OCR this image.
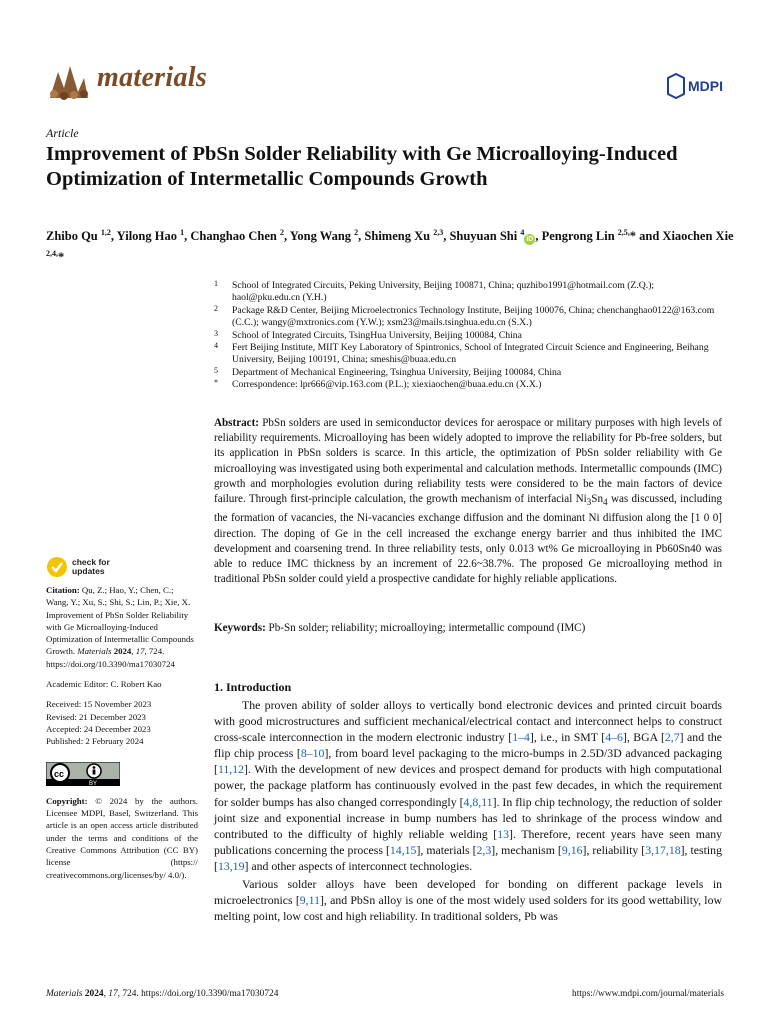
materials	MDPI
Article
Improvement of PbSn Solder Reliability with Ge Microalloying-Induced Optimization of Intermetallic Compounds Growth
Zhibo Qu $^{1,2}$, Yilong Hao $^1$, Changhao Chen $^2$, Yong Wang $^2$, Shimeng Xu $^{2,3}$, Shuyuan Shi $^4$iD , Pengrong Lin $^{2,5,}$* and Xiaochen Xie $^{2,4,}$*
1 School of Integrated Circuits, Peking University, Beijing 100871, China; quzhibo1991@hotmail.com (Z.Q.); haol@pku.edu.cn (Y.H.)
2 Package R&D Center, Beijing Microelectronics Technology Institute, Beijing 100076, China; chenchanghao0122@163.com (C.C.); wangy@mxtronics.com (Y.W.); xsm23@mails.tsinghua.edu.cn (S.X.)
3 School of Integrated Circuits, TsingHua University, Beijing 100084, China
4 Fert Beijing Institute, MIIT Key Laboratory of Spintronics, School of Integrated Circuit Science and Engineering, Beihang University, Beijing 100191, China; smeshis@buaa.edu.cn
5 Department of Mechanical Engineering, Tsinghua University, Beijing 100084, China
* Correspondence: lpr666@vip.163.com (P.L.); xiexiaochen@buaa.edu.cn (X.X.)
Abstract: PbSn solders are used in semiconductor devices for aerospace or military purposes with high levels of reliability requirements. Microalloying has been widely adopted to improve the reliability for Pb-free solders, but its application in PbSn solders is scarce. In this article, the optimization of PbSn solder reliability with Ge microalloying was investigated using both experimental and calculation methods. Intermetallic compounds (IMC) growth and morphologies evolution during reliability tests were considered to be the main factors of device failure. Through first-principle calculation, the growth mechanism of interfacial $Ni_3Sn_4$ was discussed, including the formation of vacancies, the Ni-vacancies exchange diffusion and the dominant Ni diffusion along the [1 0 0] direction. The doping of Ge in the cell increased the exchange energy barrier and thus inhibited the IMC development and coarsening trend. In three reliability tests, only 0.013 wt% Ge microalloying in Pb60Sn40 was able to reduce IMC thickness by an increment of 22.6~38.7%. The proposed Ge microalloying method in traditional PbSn solder could yield a prospective candidate for highly reliable applications.
Keywords: Pb-Sn solder; reliability; microalloying; intermetallic compound (IMC)
check for
updates

Citation: Qu, Z.; Hao, Y.; Chen, C.; Wang, Y.; Xu, S.; Shi, S.; Lin, P.; Xie, X. Improvement of PbSn Solder Reliability with Ge Microalloying-Induced Optimization of Intermetallic Compounds Growth. Materials 2024, 17, 724. https://doi.org/10.3390/ma17030724

Academic Editor: C. Robert Kao

Received: 15 November 2023

Revised: 21 December 2023

Accepted: 24 December 2023

Published: 2 February 2024

cc
BY

Copyright: © 2024 by the authors. Licensee MDPI, Basel, Switzerland. This article is an open access article distributed under the terms and conditions of the Creative Commons Attribution (CC BY) license (https:// creativecommons.org/licenses/by/ 4.0/).

1. Introduction

The proven ability of solder alloys to vertically bond electronic devices and printed circuit boards with good microstructures and sufficient mechanical/electrical contact and interconnect helps to construct cross-scale interconnection in the modern electronic industry [1–4], i.e., in SMT [4–6], BGA [2,7] and the flip chip process [8–10], from board level packaging to the micro-bumps in 2.5D/3D advanced packaging [11,12]. With the development of new devices and prospect demand for products with high computational power, the package platform has continuously evolved in the past few decades, in which the requirement for solder bumps has also changed correspondingly [4,8,11]. In flip chip technology, the reduction of solder joint size and exponential increase in bump numbers has led to shrinkage of the process window and contributed to the difficulty of highly reliable welding [13]. Therefore, recent years have seen many publications concerning the process [14,15], materials [2,3], mechanism [9,16], reliability [3,17,18], testing [13,19] and other aspects of interconnect technologies.

Various solder alloys have been developed for bonding on different package levels in microelectronics [9,11], and PbSn alloy is one of the most widely used solders for its good wettability, low melting point, low cost and high reliability. In traditional solders, Pb was

Materials 2024, 17, 724. https://doi.org/10.3390/ma17030724	https://www.mdpi.com/journal/materials
